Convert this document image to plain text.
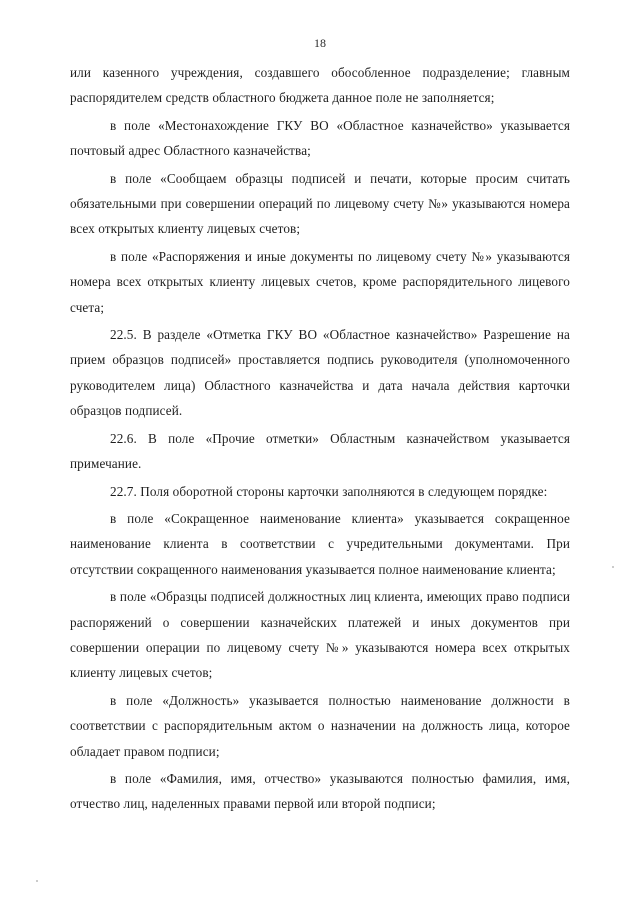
18

или казенного учреждения, создавшего обособленное подразделение; главным распорядителем средств областного бюджета данное поле не заполняется;

в поле «Местонахождение ГКУ ВО «Областное казначейство» указывается почтовый адрес Областного казначейства;

в поле «Сообщаем образцы подписей и печати, которые просим считать обязательными при совершении операций по лицевому счету №» указываются номера всех открытых клиенту лицевых счетов;

в поле «Распоряжения и иные документы по лицевому счету №» указываются номера всех открытых клиенту лицевых счетов, кроме распорядительного лицевого счета;

22.5. В разделе «Отметка ГКУ ВО «Областное казначейство» Разрешение на прием образцов подписей» проставляется подпись руководителя (уполномоченного руководителем лица) Областного казначейства и дата начала действия карточки образцов подписей.

22.6. В поле «Прочие отметки» Областным казначейством указывается примечание.

22.7. Поля оборотной стороны карточки заполняются в следующем порядке:

в поле «Сокращенное наименование клиента» указывается сокращенное наименование клиента в соответствии с учредительными документами. При отсутствии сокращенного наименования указывается полное наименование клиента;

в поле «Образцы подписей должностных лиц клиента, имеющих право подписи распоряжений о совершении казначейских платежей и иных документов при совершении операции по лицевому счету №» указываются номера всех открытых клиенту лицевых счетов;

в поле «Должность» указывается полностью наименование должности в соответствии с распорядительным актом о назначении на должность лица, которое обладает правом подписи;

в поле «Фамилия, имя, отчество» указываются полностью фамилия, имя, отчество лиц, наделенных правами первой или второй подписи;
